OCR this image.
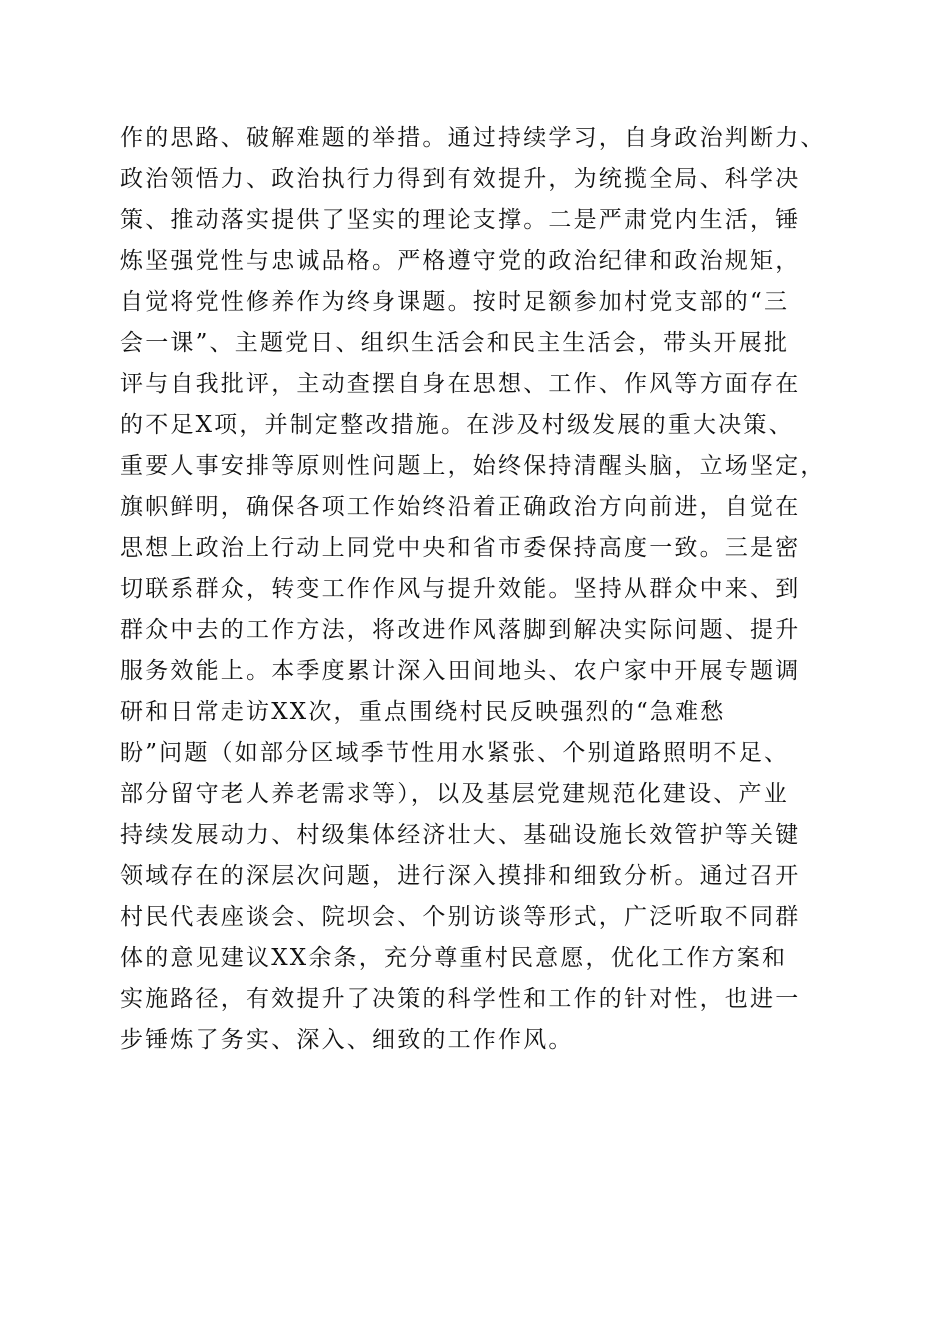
作的思路、破解难题的举措。通过持续学习，自身政治判断力、
政治领悟力、政治执行力得到有效提升，为统揽全局、科学决
策、推动落实提供了坚实的理论支撑。二是严肃党内生活，锤
炼坚强党性与忠诚品格。严格遵守党的政治纪律和政治规矩，
自觉将党性修养作为终身课题。按时足额参加村党支部的“三
会一课”、主题党日、组织生活会和民主生活会，带头开展批
评与自我批评，主动查摆自身在思想、工作、作风等方面存在
的不足X项，并制定整改措施。在涉及村级发展的重大决策、
重要人事安排等原则性问题上，始终保持清醒头脑，立场坚定，
旗帜鲜明，确保各项工作始终沿着正确政治方向前进，自觉在
思想上政治上行动上同党中央和省市委保持高度一致。三是密
切联系群众，转变工作作风与提升效能。坚持从群众中来、到
群众中去的工作方法，将改进作风落脚到解决实际问题、提升
服务效能上。本季度累计深入田间地头、农户家中开展专题调
研和日常走访XX次，重点围绕村民反映强烈的“急难愁
盼”问题（如部分区域季节性用水紧张、个别道路照明不足、
部分留守老人养老需求等），以及基层党建规范化建设、产业
持续发展动力、村级集体经济壮大、基础设施长效管护等关键
领域存在的深层次问题，进行深入摸排和细致分析。通过召开
村民代表座谈会、院坝会、个别访谈等形式，广泛听取不同群
体的意见建议XX余条，充分尊重村民意愿，优化工作方案和
实施路径，有效提升了决策的科学性和工作的针对性，也进一
步锤炼了务实、深入、细致的工作作风。
